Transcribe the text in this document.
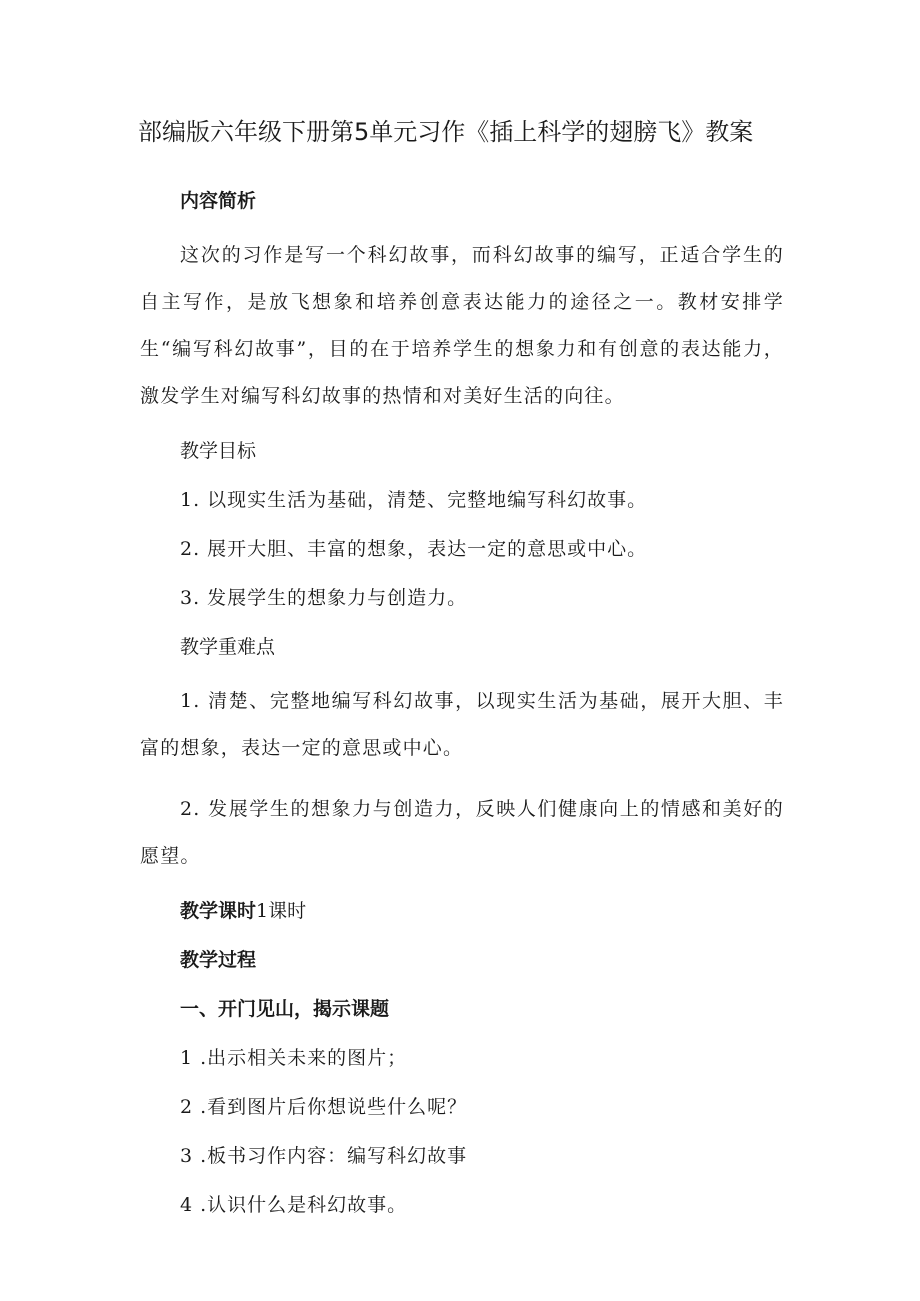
部编版六年级下册第5单元习作《插上科学的翅膀飞》教案

内容简析

这次的习作是写一个科幻故事，而科幻故事的编写，正适合学生的自主写作，是放飞想象和培养创意表达能力的途径之一。教材安排学生“编写科幻故事”，目的在于培养学生的想象力和有创意的表达能力，激发学生对编写科幻故事的热情和对美好生活的向往。

教学目标

1. 以现实生活为基础，清楚、完整地编写科幻故事。

2. 展开大胆、丰富的想象，表达一定的意思或中心。

3. 发展学生的想象力与创造力。

教学重难点

1. 清楚、完整地编写科幻故事，以现实生活为基础，展开大胆、丰富的想象，表达一定的意思或中心。

2. 发展学生的想象力与创造力，反映人们健康向上的情感和美好的愿望。

教学课时1课时

教学过程

一、开门见山，揭示课题

1 .出示相关未来的图片；

2 .看到图片后你想说些什么呢？

3 .板书习作内容：编写科幻故事

4 .认识什么是科幻故事。
